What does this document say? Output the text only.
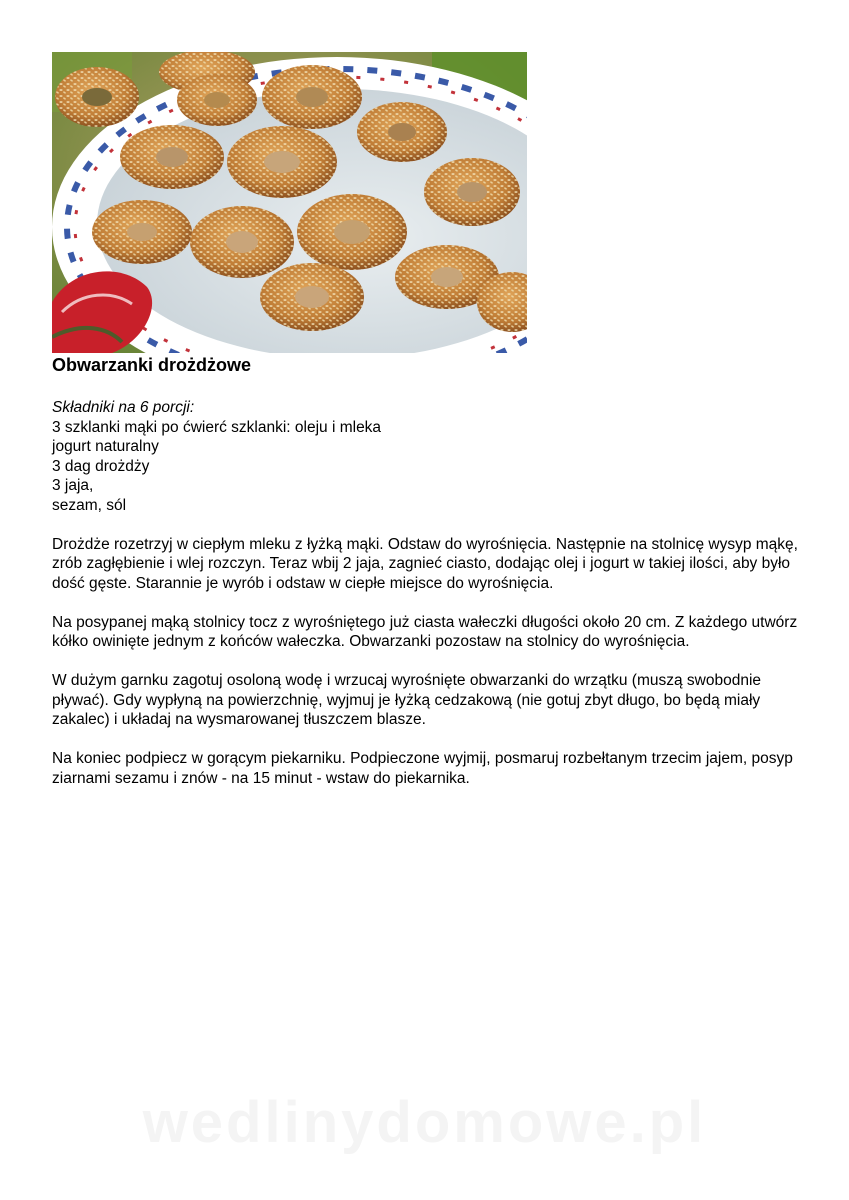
Obwarzanki drożdżowe
Składniki na 6 porcji:
3 szklanki mąki po ćwierć szklanki: oleju i mleka
jogurt naturalny
3 dag drożdży
3 jaja,
sezam, sól

Drożdże rozetrzyj w ciepłym mleku z łyżką mąki. Odstaw do wyrośnięcia. Następnie na stolnicę wysyp mąkę, zrób zagłębienie i wlej rozczyn. Teraz wbij 2 jaja, zagnieć ciasto, dodając olej i jogurt w takiej ilości, aby było dość gęste. Starannie je wyrób i odstaw w ciepłe miejsce do wyrośnięcia.

Na posypanej mąką stolnicy tocz z wyrośniętego już ciasta wałeczki długości około 20 cm. Z każdego utwórz kółko owinięte jednym z końców wałeczka. Obwarzanki pozostaw na stolnicy do wyrośnięcia.

W dużym garnku zagotuj osoloną wodę i wrzucaj wyrośnięte obwarzanki do wrzątku (muszą swobodnie pływać). Gdy wypłyną na powierzchnię, wyjmuj je łyżką cedzakową (nie gotuj zbyt długo, bo będą miały zakalec) i układaj na wysmarowanej tłuszczem blasze.

Na koniec podpiecz w gorącym piekarniku. Podpieczone wyjmij, posmaruj rozbełtanym trzecim jajem, posyp ziarnami sezamu i znów - na 15 minut - wstaw do piekarnika.

wedlinydomowe.pl
